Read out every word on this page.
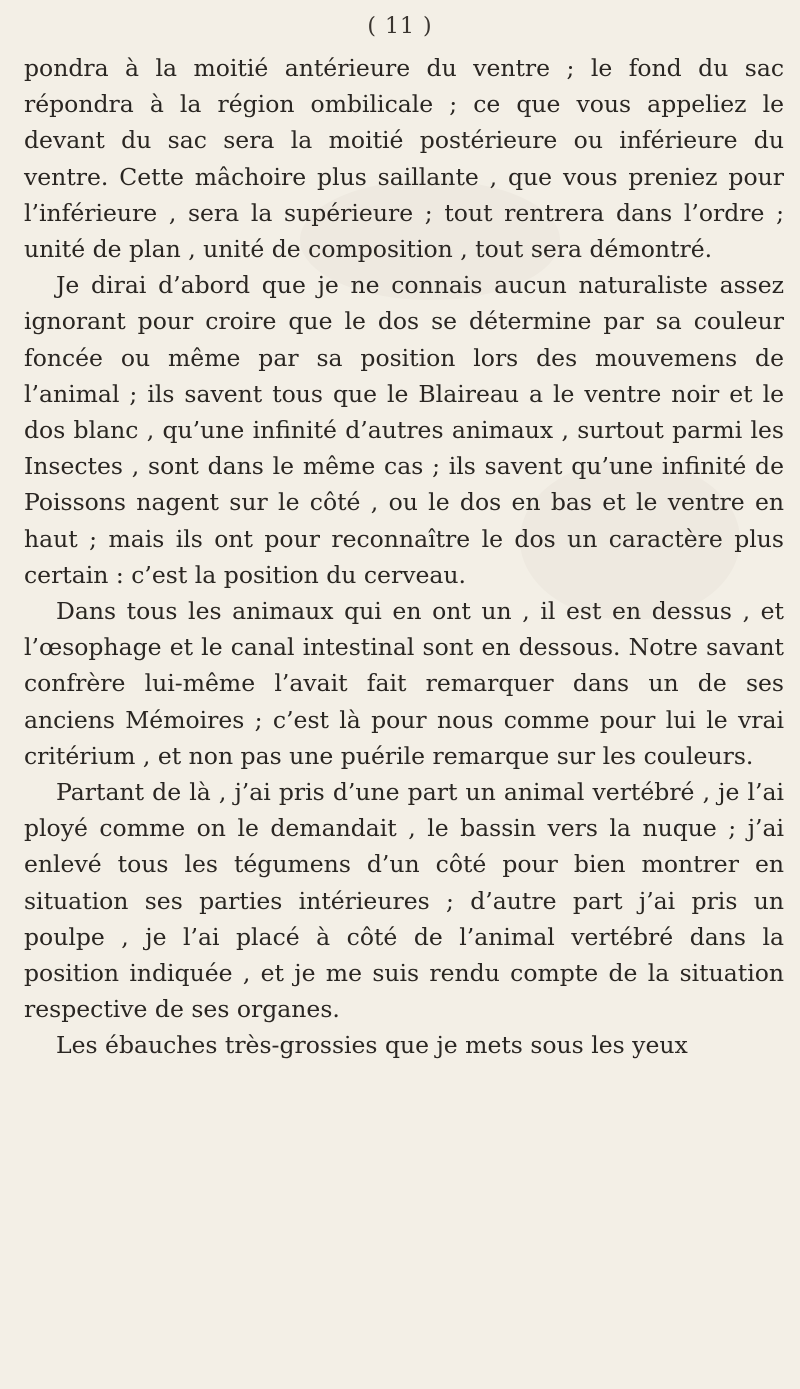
( 11 )

pondra à la moitié antérieure du ventre ; le fond du sac répondra à la région ombilicale ; ce que vous appeliez le devant du sac sera la moitié postérieure ou inférieure du ventre. Cette mâchoire plus saillante , que vous preniez pour l’inférieure , sera la supérieure ; tout rentrera dans l’ordre ; unité de plan , unité de composition , tout sera démontré.

Je dirai d’abord que je ne connais aucun naturaliste assez ignorant pour croire que le dos se détermine par sa couleur foncée ou même par sa position lors des mouvemens de l’animal ; ils savent tous que le Blaireau a le ventre noir et le dos blanc , qu’une infinité d’autres animaux , surtout parmi les Insectes , sont dans le même cas ; ils savent qu’une infinité de Poissons nagent sur le côté , ou le dos en bas et le ventre en haut ; mais ils ont pour reconnaître le dos un caractère plus certain : c’est la position du cerveau.

Dans tous les animaux qui en ont un , il est en dessus , et l’œsophage et le canal intestinal sont en dessous. Notre savant confrère lui-même l’avait fait remarquer dans un de ses anciens Mémoires ; c’est là pour nous comme pour lui le vrai critérium , et non pas une puérile remarque sur les couleurs.

Partant de là , j’ai pris d’une part un animal vertébré , je l’ai ployé comme on le demandait , le bassin vers la nuque ; j’ai enlevé tous les tégumens d’un côté pour bien montrer en situation ses parties intérieures ; d’autre part j’ai pris un poulpe , je l’ai placé à côté de l’animal vertébré dans la position indiquée , et je me suis rendu compte de la situation respective de ses organes.

Les ébauches très-grossies que je mets sous les yeux
